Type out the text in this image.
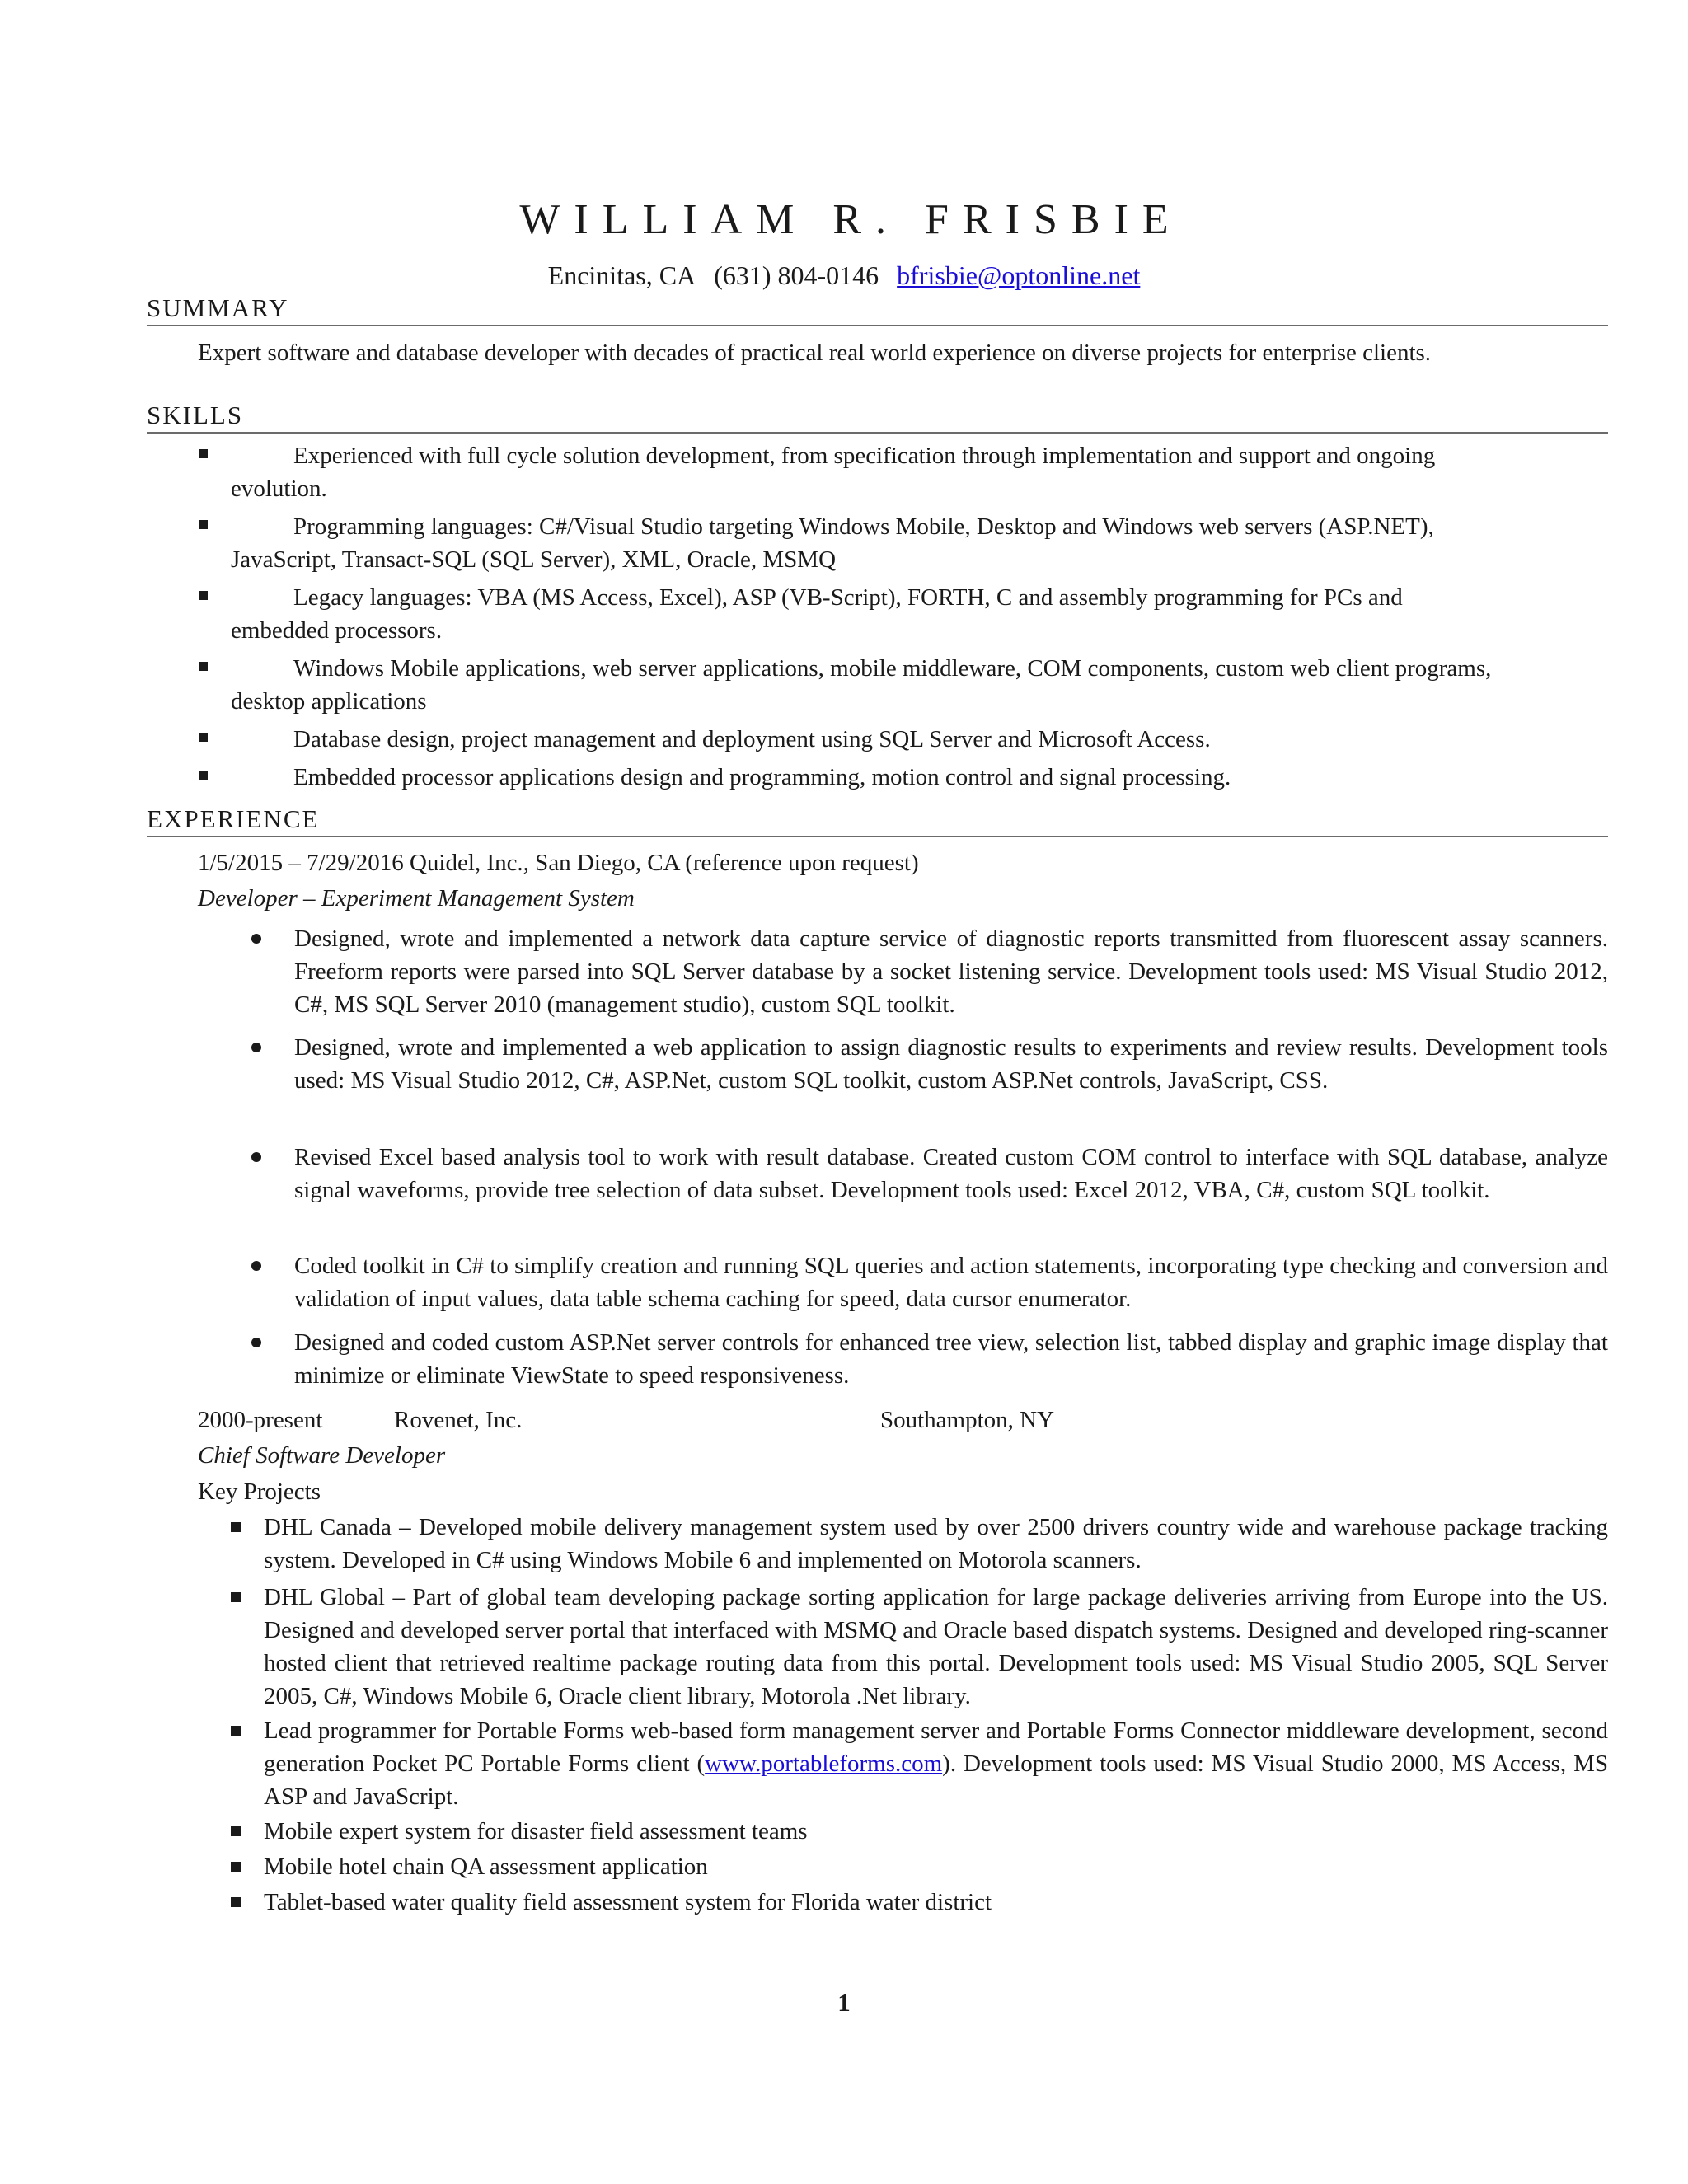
WILLIAM R. FRISBIE
Encinitas, CA (631) 804-0146 bfrisbie@optonline.net
SUMMARY
Expert software and database developer with decades of practical real world experience on diverse projects for enterprise clients.
SKILLS
Experienced with full cycle solution development, from specification through implementation and support and ongoing
evolution.
Programming languages: C#/Visual Studio targeting Windows Mobile, Desktop and Windows web servers (ASP.NET),
JavaScript, Transact-SQL (SQL Server), XML, Oracle, MSMQ
Legacy languages: VBA (MS Access, Excel), ASP (VB-Script), FORTH, C and assembly programming for PCs and
embedded processors.
Windows Mobile applications, web server applications, mobile middleware, COM components, custom web client programs,
desktop applications
Database design, project management and deployment using SQL Server and Microsoft Access.
Embedded processor applications design and programming, motion control and signal processing.
EXPERIENCE
1/5/2015 – 7/29/2016 Quidel, Inc., San Diego, CA (reference upon request)
Developer – Experiment Management System
Designed, wrote and implemented a network data capture service of diagnostic reports transmitted from fluorescent assay scanners. Freeform reports were parsed into SQL Server database by a socket listening service. Development tools used: MS Visual Studio 2012, C#, MS SQL Server 2010 (management studio), custom SQL toolkit.
Designed, wrote and implemented a web application to assign diagnostic results to experiments and review results. Development tools used: MS Visual Studio 2012, C#, ASP.Net, custom SQL toolkit, custom ASP.Net controls, JavaScript, CSS.
Revised Excel based analysis tool to work with result database. Created custom COM control to interface with SQL database, analyze signal waveforms, provide tree selection of data subset. Development tools used: Excel 2012, VBA, C#, custom SQL toolkit.
Coded toolkit in C# to simplify creation and running SQL queries and action statements, incorporating type checking and conversion and validation of input values, data table schema caching for speed, data cursor enumerator.
Designed and coded custom ASP.Net server controls for enhanced tree view, selection list, tabbed display and graphic image display that minimize or eliminate ViewState to speed responsiveness.
2000-present	Rovenet, Inc.	Southampton, NY
Chief Software Developer
Key Projects
DHL Canada – Developed mobile delivery management system used by over 2500 drivers country wide and warehouse package tracking system. Developed in C# using Windows Mobile 6 and implemented on Motorola scanners.
DHL Global – Part of global team developing package sorting application for large package deliveries arriving from Europe into the US. Designed and developed server portal that interfaced with MSMQ and Oracle based dispatch systems. Designed and developed ring-scanner hosted client that retrieved realtime package routing data from this portal. Development tools used: MS Visual Studio 2005, SQL Server 2005, C#, Windows Mobile 6, Oracle client library, Motorola .Net library.
Lead programmer for Portable Forms web-based form management server and Portable Forms Connector middleware development, second generation Pocket PC Portable Forms client (www.portableforms.com). Development tools used: MS Visual Studio 2000, MS Access, MS ASP and JavaScript.
Mobile expert system for disaster field assessment teams
Mobile hotel chain QA assessment application
Tablet-based water quality field assessment system for Florida water district
1
